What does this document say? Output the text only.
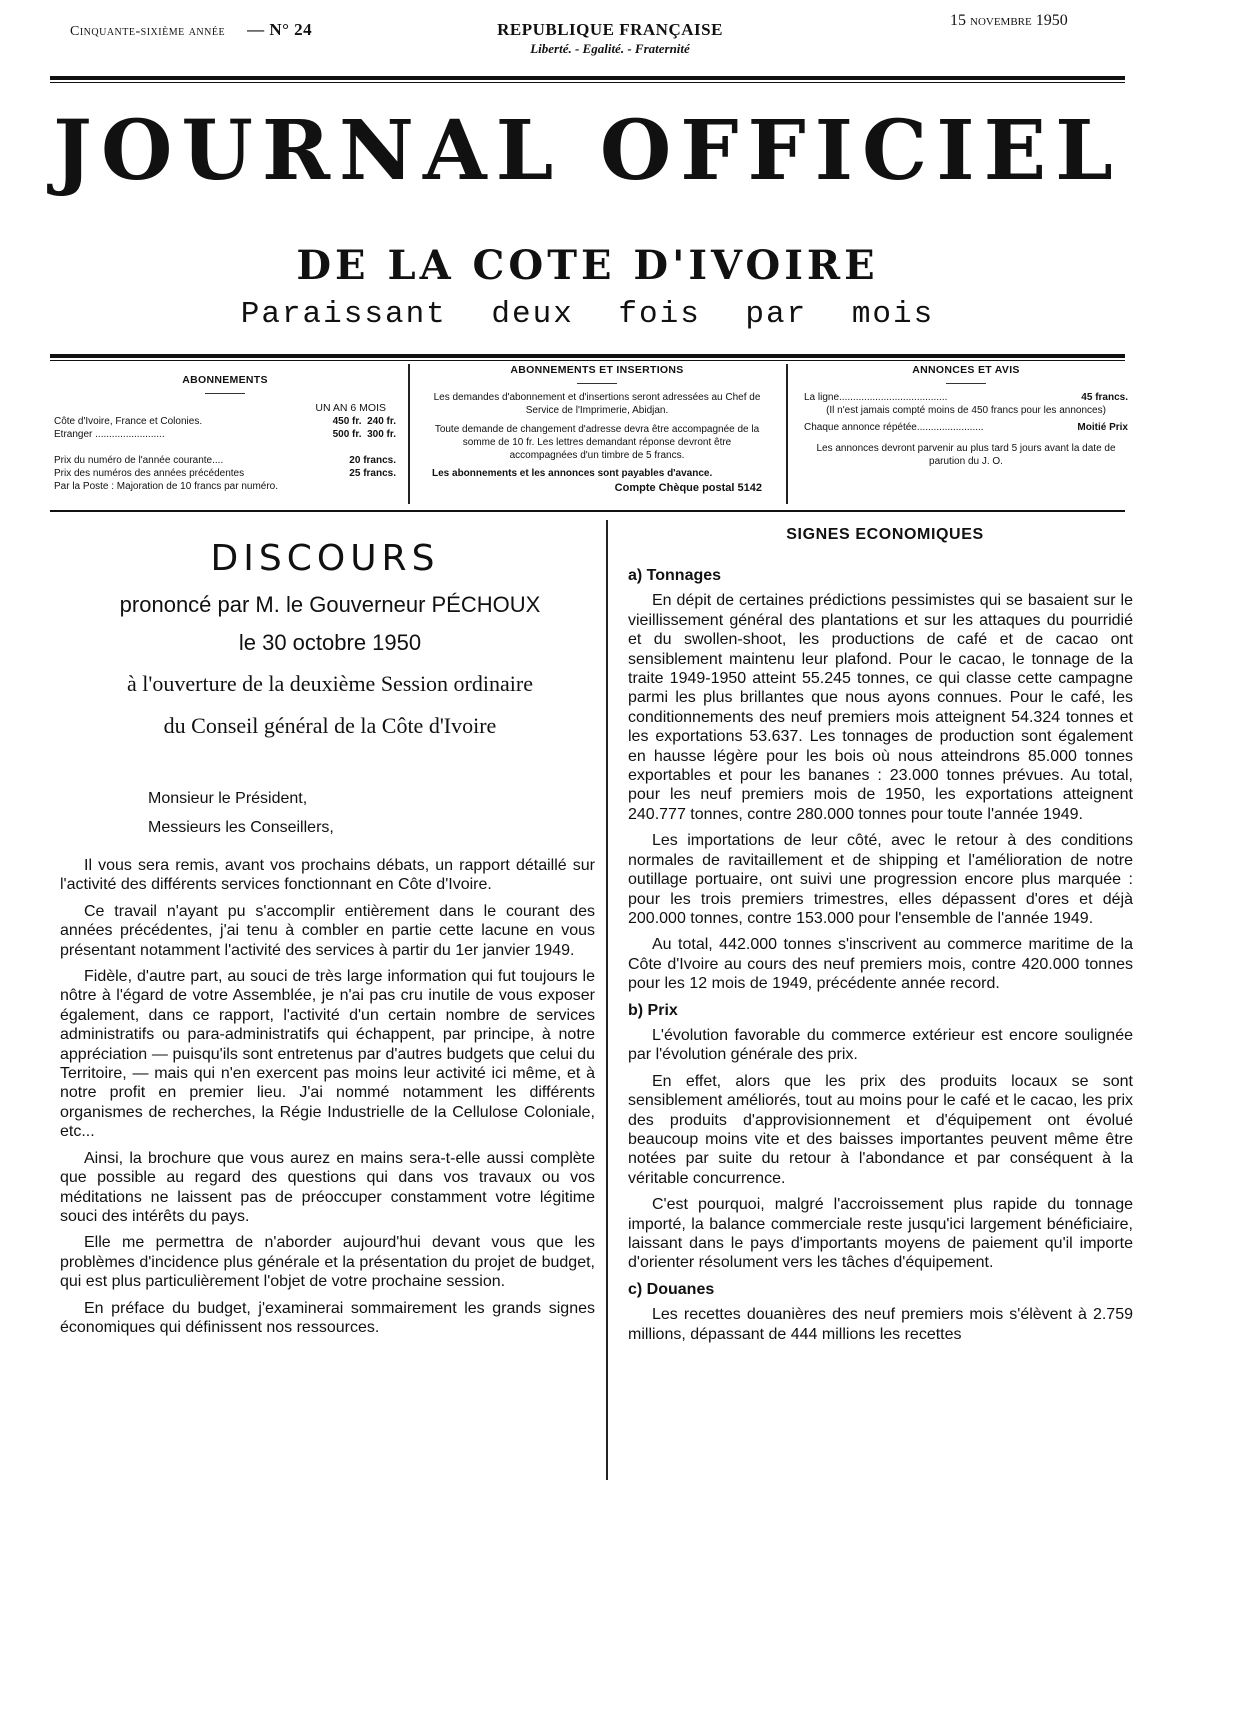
Cinquante-sixième année — N° 24	REPUBLIQUE FRANÇAISE
Liberté. - Egalité. - Fraternité
15 novembre 1950
JOURNAL OFFICIEL
DE LA COTE D'IVOIRE
Paraissant deux fois par mois
ABONNEMENTS
UN AN 6 MOIS
Côte d'Ivoire, France et Colonies.	450 fr. 240 fr.
Etranger .........................	500 fr. 300 fr.
Prix du numéro de l'année courante....	20 francs.
Prix des numéros des années précédentes	25 francs.
Par la Poste : Majoration de 10 francs par numéro.
ABONNEMENTS ET INSERTIONS
Les demandes d'abonnement et d'insertions seront adressées au Chef de Service de l'Imprimerie, Abidjan.
Toute demande de changement d'adresse devra être accompagnée de la somme de 10 fr. Les lettres demandant réponse devront être accompagnées d'un timbre de 5 francs.
Les abonnements et les annonces sont payables d'avance.
Compte Chèque postal 5142
ANNONCES ET AVIS
La ligne.......................................	45 francs.
(Il n'est jamais compté moins de 450 francs pour les annonces)
Chaque annonce répétée........................	Moitié Prix
Les annonces devront parvenir au plus tard 5 jours avant la date de parution du J. O.
DISCOURS
prononcé par M. le Gouverneur PÉCHOUX
le 30 octobre 1950
à l'ouverture de la deuxième Session ordinaire
du Conseil général de la Côte d'Ivoire
Monsieur le Président,
Messieurs les Conseillers,

Il vous sera remis, avant vos prochains débats, un rapport détaillé sur l'activité des différents services fonctionnant en Côte d'Ivoire.

Ce travail n'ayant pu s'accomplir entièrement dans le courant des années précédentes, j'ai tenu à combler en partie cette lacune en vous présentant notamment l'activité des services à partir du 1er janvier 1949.

Fidèle, d'autre part, au souci de très large information qui fut toujours le nôtre à l'égard de votre Assemblée, je n'ai pas cru inutile de vous exposer également, dans ce rapport, l'activité d'un certain nombre de services administratifs ou para-administratifs qui échappent, par principe, à notre appréciation — puisqu'ils sont entretenus par d'autres budgets que celui du Territoire, — mais qui n'en exercent pas moins leur activité ici même, et à notre profit en premier lieu. J'ai nommé notamment les différents organismes de recherches, la Régie Industrielle de la Cellulose Coloniale, etc...

Ainsi, la brochure que vous aurez en mains sera-t-elle aussi complète que possible au regard des questions qui dans vos travaux ou vos méditations ne laissent pas de préoccuper constamment votre légitime souci des intérêts du pays.

Elle me permettra de n'aborder aujourd'hui devant vous que les problèmes d'incidence plus générale et la présentation du projet de budget, qui est plus particulièrement l'objet de votre prochaine session.

En préface du budget, j'examinerai sommairement les grands signes économiques qui définissent nos ressources.

SIGNES ECONOMIQUES

a) Tonnages

En dépit de certaines prédictions pessimistes qui se basaient sur le vieillissement général des plantations et sur les attaques du pourridié et du swollen-shoot, les productions de café et de cacao ont sensiblement maintenu leur plafond. Pour le cacao, le tonnage de la traite 1949-1950 atteint 55.245 tonnes, ce qui classe cette campagne parmi les plus brillantes que nous ayons connues. Pour le café, les conditionnements des neuf premiers mois atteignent 54.324 tonnes et les exportations 53.637. Les tonnages de production sont également en hausse légère pour les bois où nous atteindrons 85.000 tonnes exportables et pour les bananes : 23.000 tonnes prévues. Au total, pour les neuf premiers mois de 1950, les exportations atteignent 240.777 tonnes, contre 280.000 tonnes pour toute l'année 1949.

Les importations de leur côté, avec le retour à des conditions normales de ravitaillement et de shipping et l'amélioration de notre outillage portuaire, ont suivi une progression encore plus marquée : pour les trois premiers trimestres, elles dépassent d'ores et déjà 200.000 tonnes, contre 153.000 pour l'ensemble de l'année 1949.

Au total, 442.000 tonnes s'inscrivent au commerce maritime de la Côte d'Ivoire au cours des neuf premiers mois, contre 420.000 tonnes pour les 12 mois de 1949, précédente année record.

b) Prix

L'évolution favorable du commerce extérieur est encore soulignée par l'évolution générale des prix.

En effet, alors que les prix des produits locaux se sont sensiblement améliorés, tout au moins pour le café et le cacao, les prix des produits d'approvisionnement et d'équipement ont évolué beaucoup moins vite et des baisses importantes peuvent même être notées par suite du retour à l'abondance et par conséquent à la véritable concurrence.

C'est pourquoi, malgré l'accroissement plus rapide du tonnage importé, la balance commerciale reste jusqu'ici largement bénéficiaire, laissant dans le pays d'importants moyens de paiement qu'il importe d'orienter résolument vers les tâches d'équipement.

c) Douanes

Les recettes douanières des neuf premiers mois s'élèvent à 2.759 millions, dépassant de 444 millions les recettes
